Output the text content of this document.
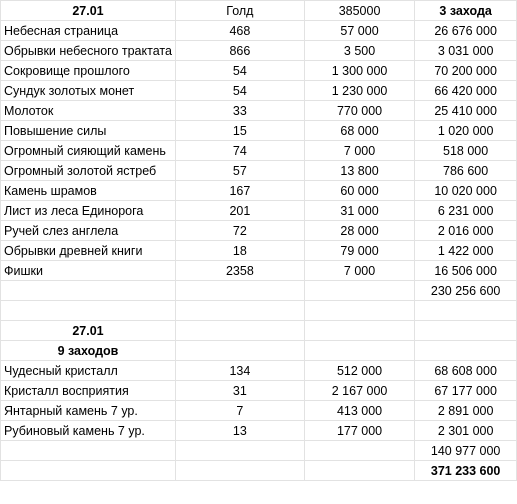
27.01	Голд	385000	3 захода
Небесная страница	468	57 000	26 676 000
Обрывки небесного трактата	866	3 500	3 031 000
Сокровище прошлого	54	1 300 000	70 200 000
Сундук золотых монет	54	1 230 000	66 420 000
Молоток	33	770 000	25 410 000
Повышение силы	15	68 000	1 020 000
Огромный сияющий камень	74	7 000	518 000
Огромный золотой ястреб	57	13 800	786 600
Камень шрамов	167	60 000	10 020 000
Лист из леса Единорога	201	31 000	6 231 000
Ручей слез англела	72	28 000	2 016 000
Обрывки древней книги	18	79 000	1 422 000
Фишки	2358	7 000	16 506 000
			230 256 600

27.01			
9 заходов			
Чудесный кристалл	134	512 000	68 608 000
Кристалл восприятия	31	2 167 000	67 177 000
Янтарный камень 7 ур.	7	413 000	2 891 000
Рубиновый камень 7 ур.	13	177 000	2 301 000
			140 977 000
			371 233 600
